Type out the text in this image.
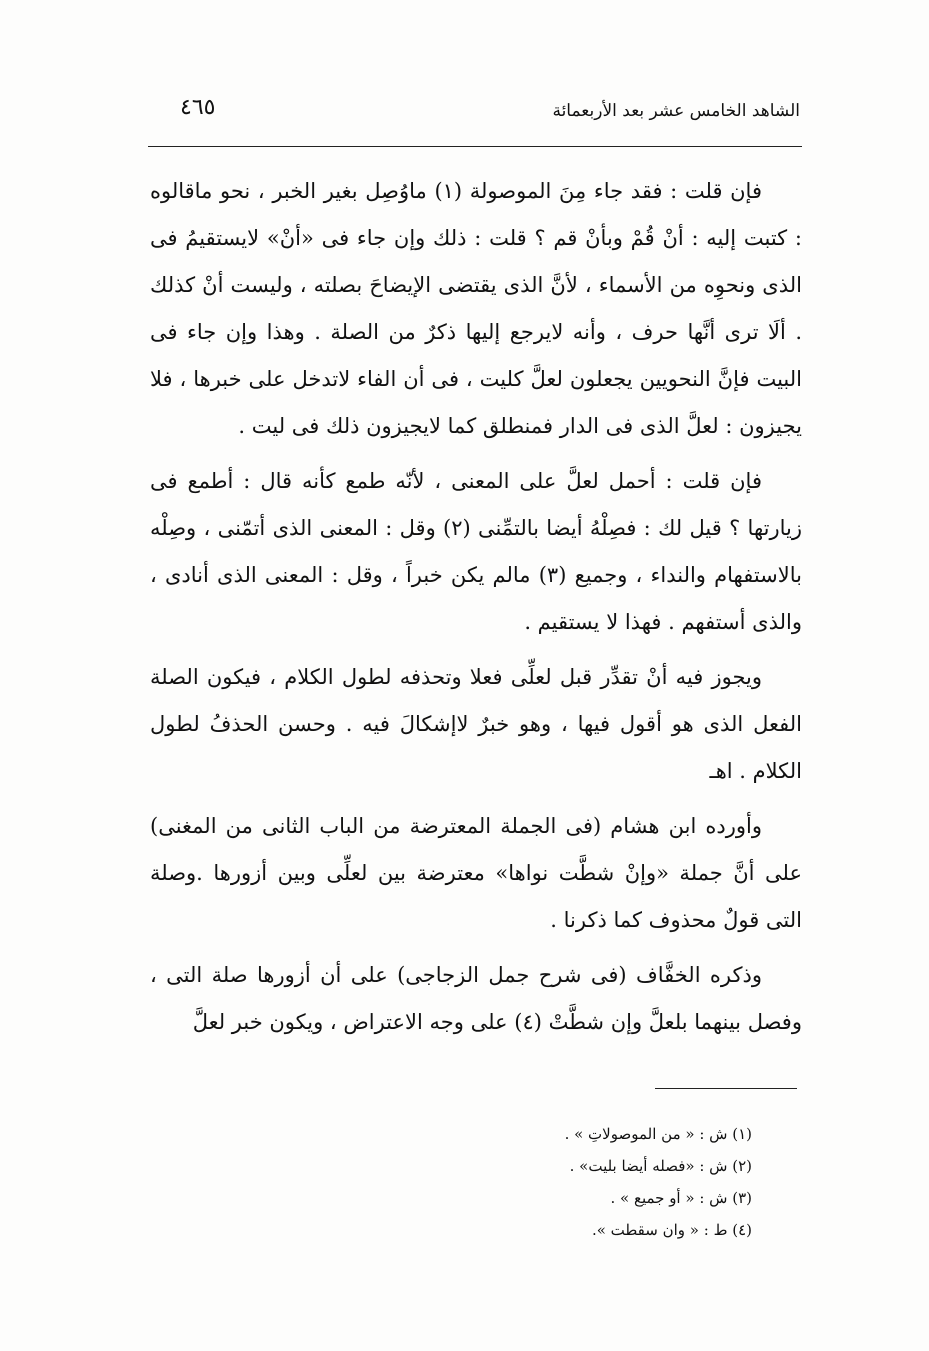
الشاهد الخامس عشر بعد الأربعمائة
٤٦٥

فإن قلت : فقد جاء مِنَ الموصولة (١) ماوُصِل بغير الخبر ، نحو ماقالوه : كتبت إليه : أنْ قُمْ وبأنْ قم ؟ قلت : ذلك وإن جاء فى «أنْ» لايستقيمُ فى الذى ونحوِه من الأسماء ، لأنَّ الذى يقتضى الإيضاحَ بصلته ، وليست أنْ كذلك . ألَا ترى أنَّها حرف ، وأنه لايرجع إليها ذكرٌ من الصلة . وهذا وإن جاء فى البيت فإنَّ النحويين يجعلون لعلَّ كليت ، فى أن الفاء لاتدخل على خبرها ، فلا يجيزون : لعلَّ الذى فى الدار فمنطلق كما لايجيزون ذلك فى ليت .

فإن قلت : أحمل لعلَّ على المعنى ، لأنّه طمع كأنه قال : أطمع فى زيارتها ؟ قيل لك : فصِلْهُ أيضا بالتمِّنى (٢) وقل : المعنى الذى أتمّنى ، وصِلْه بالاستفهام والنداء ، وجميع (٣) مالم يكن خبراً ، وقل : المعنى الذى أنادى ، والذى أستفهم . فهذا لا يستقيم .

ويجوز فيه أنْ تقدِّر قبل لعلِّى فعلا وتحذفه لطول الكلام ، فيكون الصلة الفعل الذى هو أقول فيها ، وهو خبرٌ لاإشكالَ فيه . وحسن الحذفُ لطول الكلام . اهـ

وأورده ابن هشام (فى الجملة المعترضة من الباب الثانى من المغنى) على أنَّ جملة «وإنْ شطَّت نواها» معترضة بين لعلِّى وبين أزورها .وصلة التى قولٌ محذوف كما ذكرنا .

وذكره الخفَّاف (فى شرح جمل الزجاجى) على أن أزورها صلة التى ، وفصل بينهما بلعلَّ وإن شطَّتْ (٤) على وجه الاعتراض ، ويكون خبر لعلَّ

(١) ش : « من الموصولاتِ » .
(٢) ش : «فصله أيضا بليت» .
(٣) ش : « أو جميع » .
(٤) ط : « وان سقطت ».
